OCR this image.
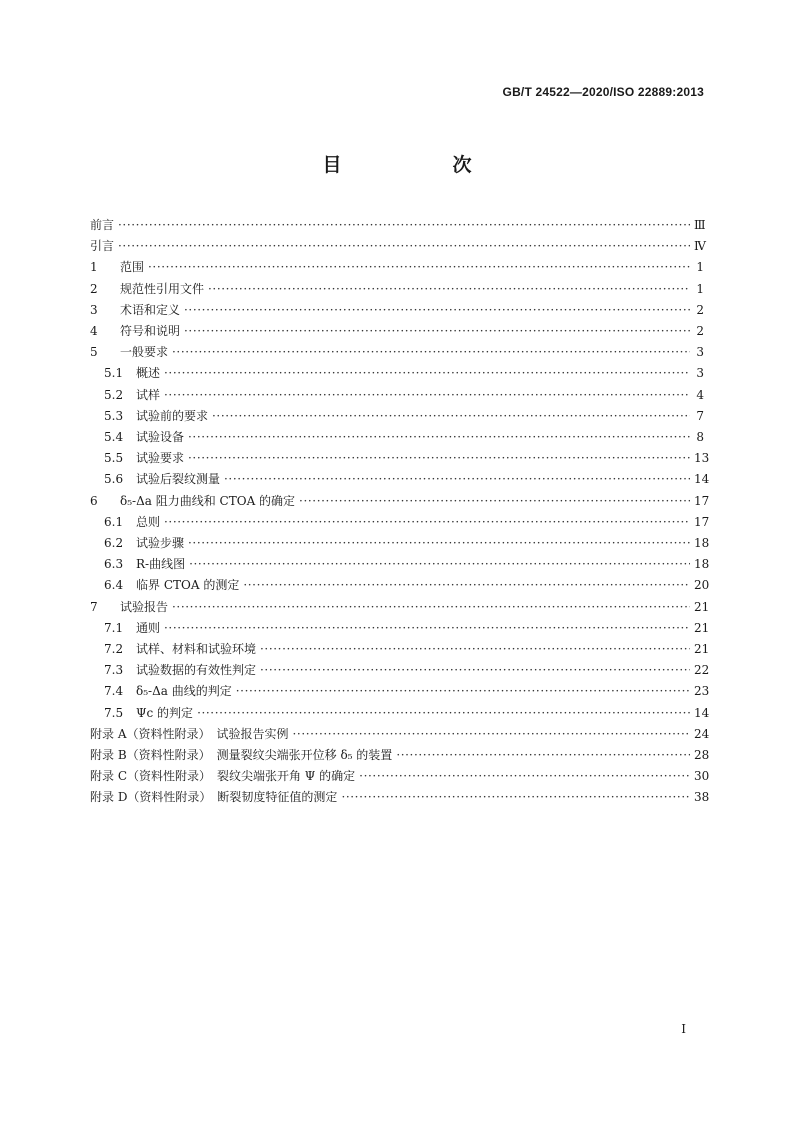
GB/T 24522—2020/ISO 22889:2013
目　次
前言 ·····	Ⅲ
引言 ·····	Ⅳ
1 范围 ·····	1
2 规范性引用文件 ·····	1
3 术语和定义 ·····	2
4 符号和说明 ·····	2
5 一般要求 ·····	3
5.1 概述 ·····	3
5.2 试样 ·····	4
5.3 试验前的要求 ·····	7
5.4 试验设备 ·····	8
5.5 试验要求 ·····	13
5.6 试验后裂纹测量 ·····	14
6 δ₅-Δa 阻力曲线和 CTOA 的确定 ·····	17
6.1 总则 ·····	17
6.2 试验步骤 ·····	18
6.3 R-曲线图 ·····	18
6.4 临界 CTOA 的测定 ·····	20
7 试验报告 ·····	21
7.1 通则 ·····	21
7.2 试样、材料和试验环境 ·····	21
7.3 试验数据的有效性判定 ·····	22
7.4 δ₅-Δa 曲线的判定 ·····	23
7.5 Ψc 的判定 ·····	14
附录 A（资料性附录）　试验报告实例 ·····	24
附录 B（资料性附录）　测量裂纹尖端张开位移 δ₅ 的装置 ·····	28
附录 C（资料性附录）　裂纹尖端张开角 Ψ 的确定 ·····	30
附录 D（资料性附录）　断裂韧度特征值的测定 ·····	38
Ⅰ
